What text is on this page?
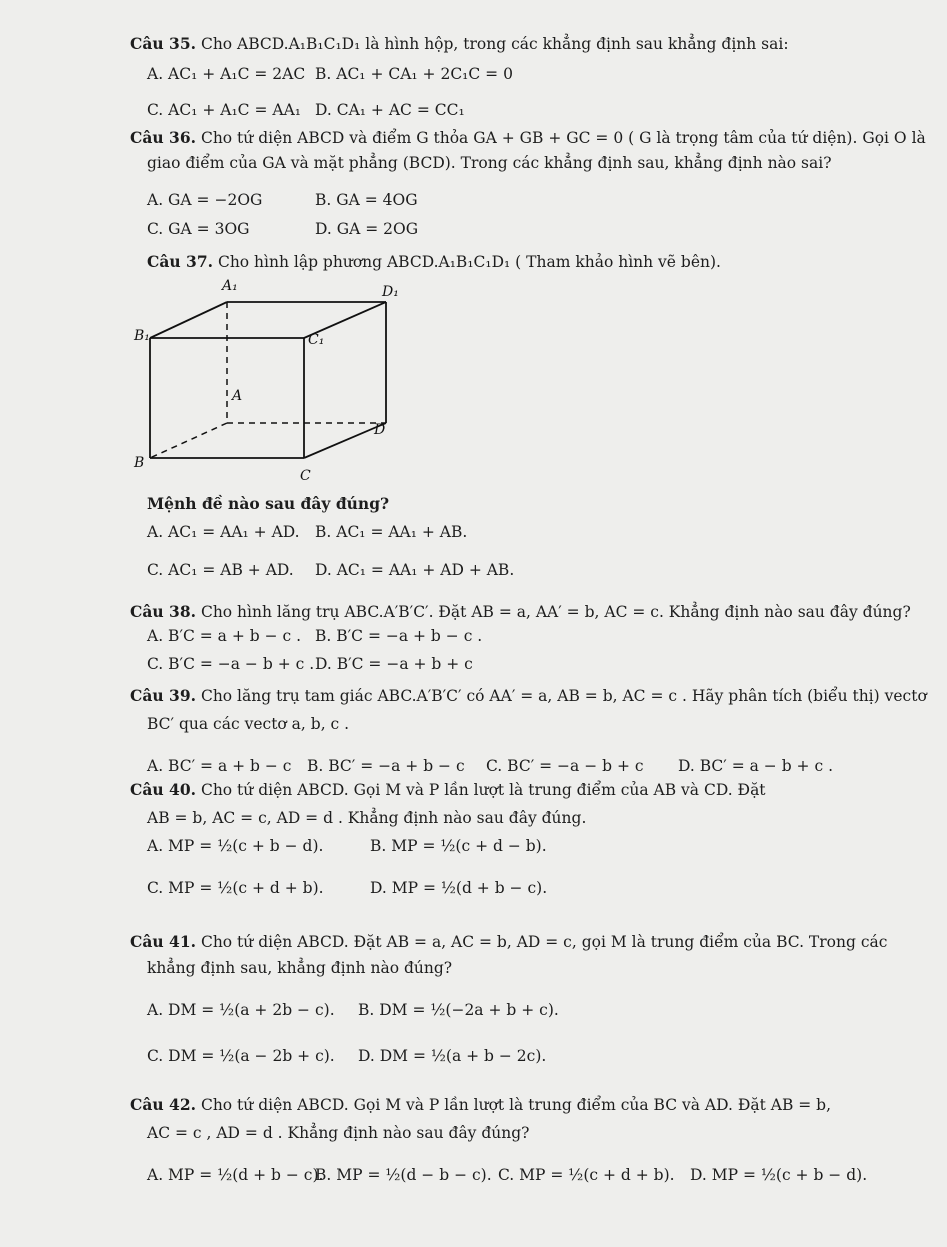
Câu 35. Cho ABCD.A₁B₁C₁D₁ là hình hộp, trong các khẳng định sau khẳng định sai:
A. AC₁ + A₁C = 2AC B. AC₁ + CA₁ + 2C₁C = 0
C. AC₁ + A₁C = AA₁ D. CA₁ + AC = CC₁
Câu 36. Cho tứ diện ABCD và điểm G thỏa GA + GB + GC = 0 ( G là trọng tâm của tứ diện). Gọi O là
giao điểm của GA và mặt phẳng (BCD). Trong các khẳng định sau, khẳng định nào sai?
A. GA = −2OG	B. GA = 4OG
C. GA = 3OG	D. GA = 2OG
Câu 37. Cho hình lập phương ABCD.A₁B₁C₁D₁ ( Tham khảo hình vẽ bên).
A₁	D₁
B₁	C₁
A
D
B
C
Mệnh đề nào sau đây đúng?
A. AC₁ = AA₁ + AD. B. AC₁ = AA₁ + AB.
C. AC₁ = AB + AD. D. AC₁ = AA₁ + AD + AB.
Câu 38. Cho hình lăng trụ ABC.A′B′C′. Đặt AB = a, AA′ = b, AC = c. Khẳng định nào sau đây đúng?
A. B′C = a + b − c . B. B′C = −a + b − c .
C. B′C = −a − b + c . D. B′C = −a + b + c
Câu 39. Cho lăng trụ tam giác ABC.A′B′C′ có AA′ = a, AB = b, AC = c . Hãy phân tích (biểu thị) vectơ
BC′ qua các vectơ a, b, c .
A. BC′ = a + b − c B. BC′ = −a + b − c C. BC′ = −a − b + c D. BC′ = a − b + c .
Câu 40. Cho tứ diện ABCD. Gọi M và P lần lượt là trung điểm của AB và CD. Đặt
AB = b, AC = c, AD = d . Khẳng định nào sau đây đúng.
A. MP = ½(c + b − d).	B. MP = ½(c + d − b).
C. MP = ½(c + d + b).	D. MP = ½(d + b − c).
Câu 41. Cho tứ diện ABCD. Đặt AB = a, AC = b, AD = c, gọi M là trung điểm của BC. Trong các
khẳng định sau, khẳng định nào đúng?
A. DM = ½(a + 2b − c). B. DM = ½(−2a + b + c).
C. DM = ½(a − 2b + c). D. DM = ½(a + b − 2c).
Câu 42. Cho tứ diện ABCD. Gọi M và P lần lượt là trung điểm của BC và AD. Đặt AB = b,
AC = c , AD = d . Khẳng định nào sau đây đúng?
A. MP = ½(d + b − c).
B. MP = ½(d − b − c). C. MP = ½(c + d + b). D. MP = ½(c + b − d).
